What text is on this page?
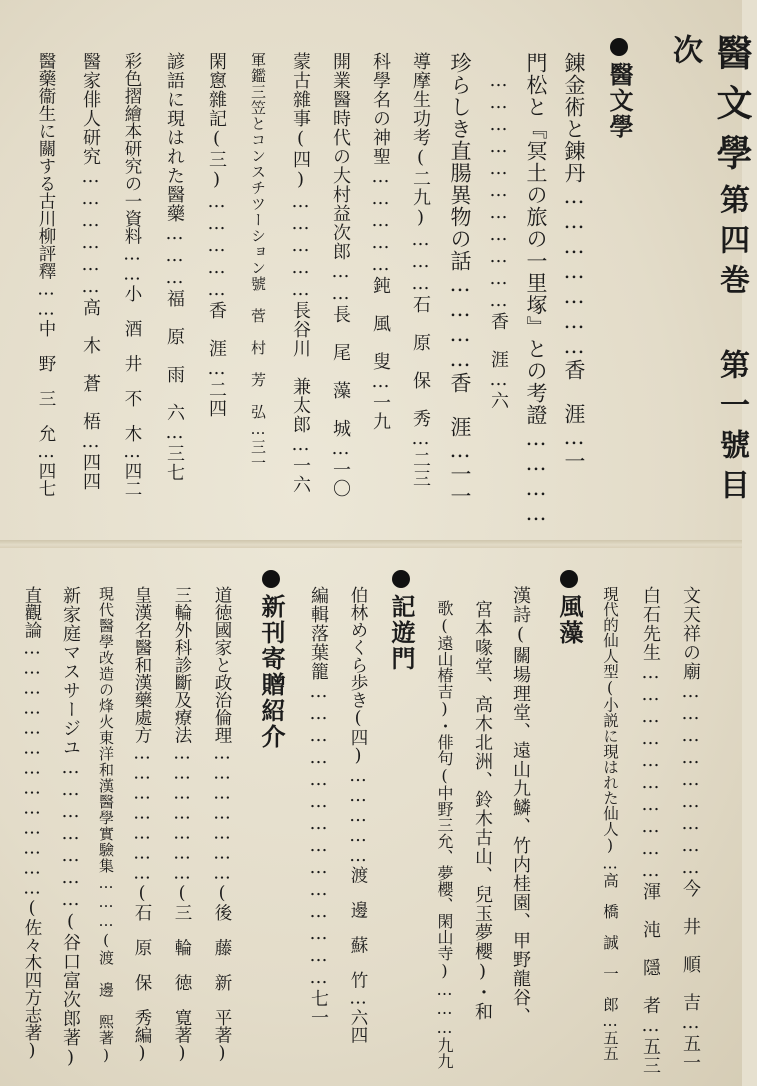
醫文學第四巻 第一號目次
醫文學
錬金術と錬丹…………………香　涯…一
門松と『冥土の旅の一里塚』との考證…………
……………………………香　涯…六
珍らしき直腸異物の話…………香　涯…一一
導摩生功考(二九)………石　原　保　秀…二三
科學名の神聖……………鈍　風　叟…一九
開業醫時代の大村益次郎……長　尾　藻　城…一〇
蒙古雜事(四)……………長谷川　兼太郎…一六
軍鑑三笠とコンスチツーション號　菅　村　芳　弘…三一
閑窻雜記(三)……………香　涯…二四
諺語に現はれた醫藥………福　原　雨　六…三七
彩色摺繪本研究の一資料……小　酒　井　不　木…四二
醫家俳人研究………………高　木　蒼　梧…四四
醫藥衞生に關する古川柳評釋……中　野　三　允…四七
文天祥の廟………………………今　井　順　吉…五一
白石先生…………………………渾　沌　隱　者…五三
現代的仙人型(小説に現はれた仙人)…高　橋　誠　一　郎…五五
風藻
漢詩(關場理堂、遠山九鱗、竹内桂園、甲野龍谷、
宮本喙堂、高木北洲、鈴木古山、兒玉夢櫻)・和
歌(遠山椿吉)・俳句(中野三允、夢櫻、閑山寺)………九九
記遊門
伯林めくら歩き(四)……………渡　邊　蘇　竹…六四
編輯落葉籠……………………………………七一
新刊寄贈紹介
道徳國家と政治倫理…………………(後　藤　新　平著)
三輪外科診斷及療法…………………(三　輪　徳　寛著)
皇漢名醫和漢藥處方…………………(石　原　保　秀編)
現代醫學改造の烽火東洋和漢醫學實驗集………(渡　邊　熙著)
新家庭マスサージユ…………………(谷口富次郎著)
直觀論…………………………………(佐々木四方志著)
